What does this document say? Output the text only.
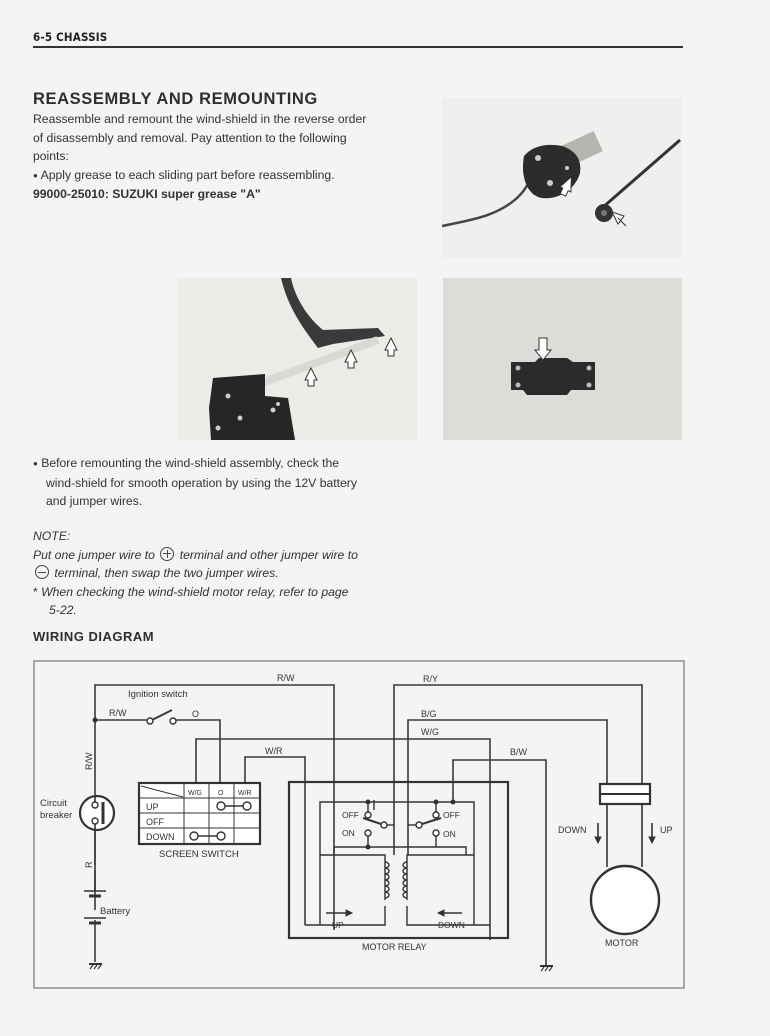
6-5 CHASSIS
REASSEMBLY AND REMOUNTING
Reassemble and remount the wind-shield in the reverse order
of disassembly and removal. Pay attention to the following
points:
● Apply grease to each sliding part before reassembling.
99000-25010: SUZUKI super grease "A"
● Before remounting the wind-shield assembly, check the
wind-shield for smooth operation by using the 12V battery
and jumper wires.
NOTE:
Put one jumper wire to terminal and other jumper wire to
terminal, then swap the two jumper wires.
* When checking the wind-shield motor relay, refer to page
5-22.
WIRING DIAGRAM
R/W	R/Y
B/G
W/G
W/R	B/W
R/W	O
Ignition switch
R/W
R
Circuit
breaker
Battery
W/G O W/R
UP
OFF
DOWN
SCREEN SWITCH
OFF
ON
OFF
ON
UP	DOWN
MOTOR RELAY
DOWN	UP
MOTOR
